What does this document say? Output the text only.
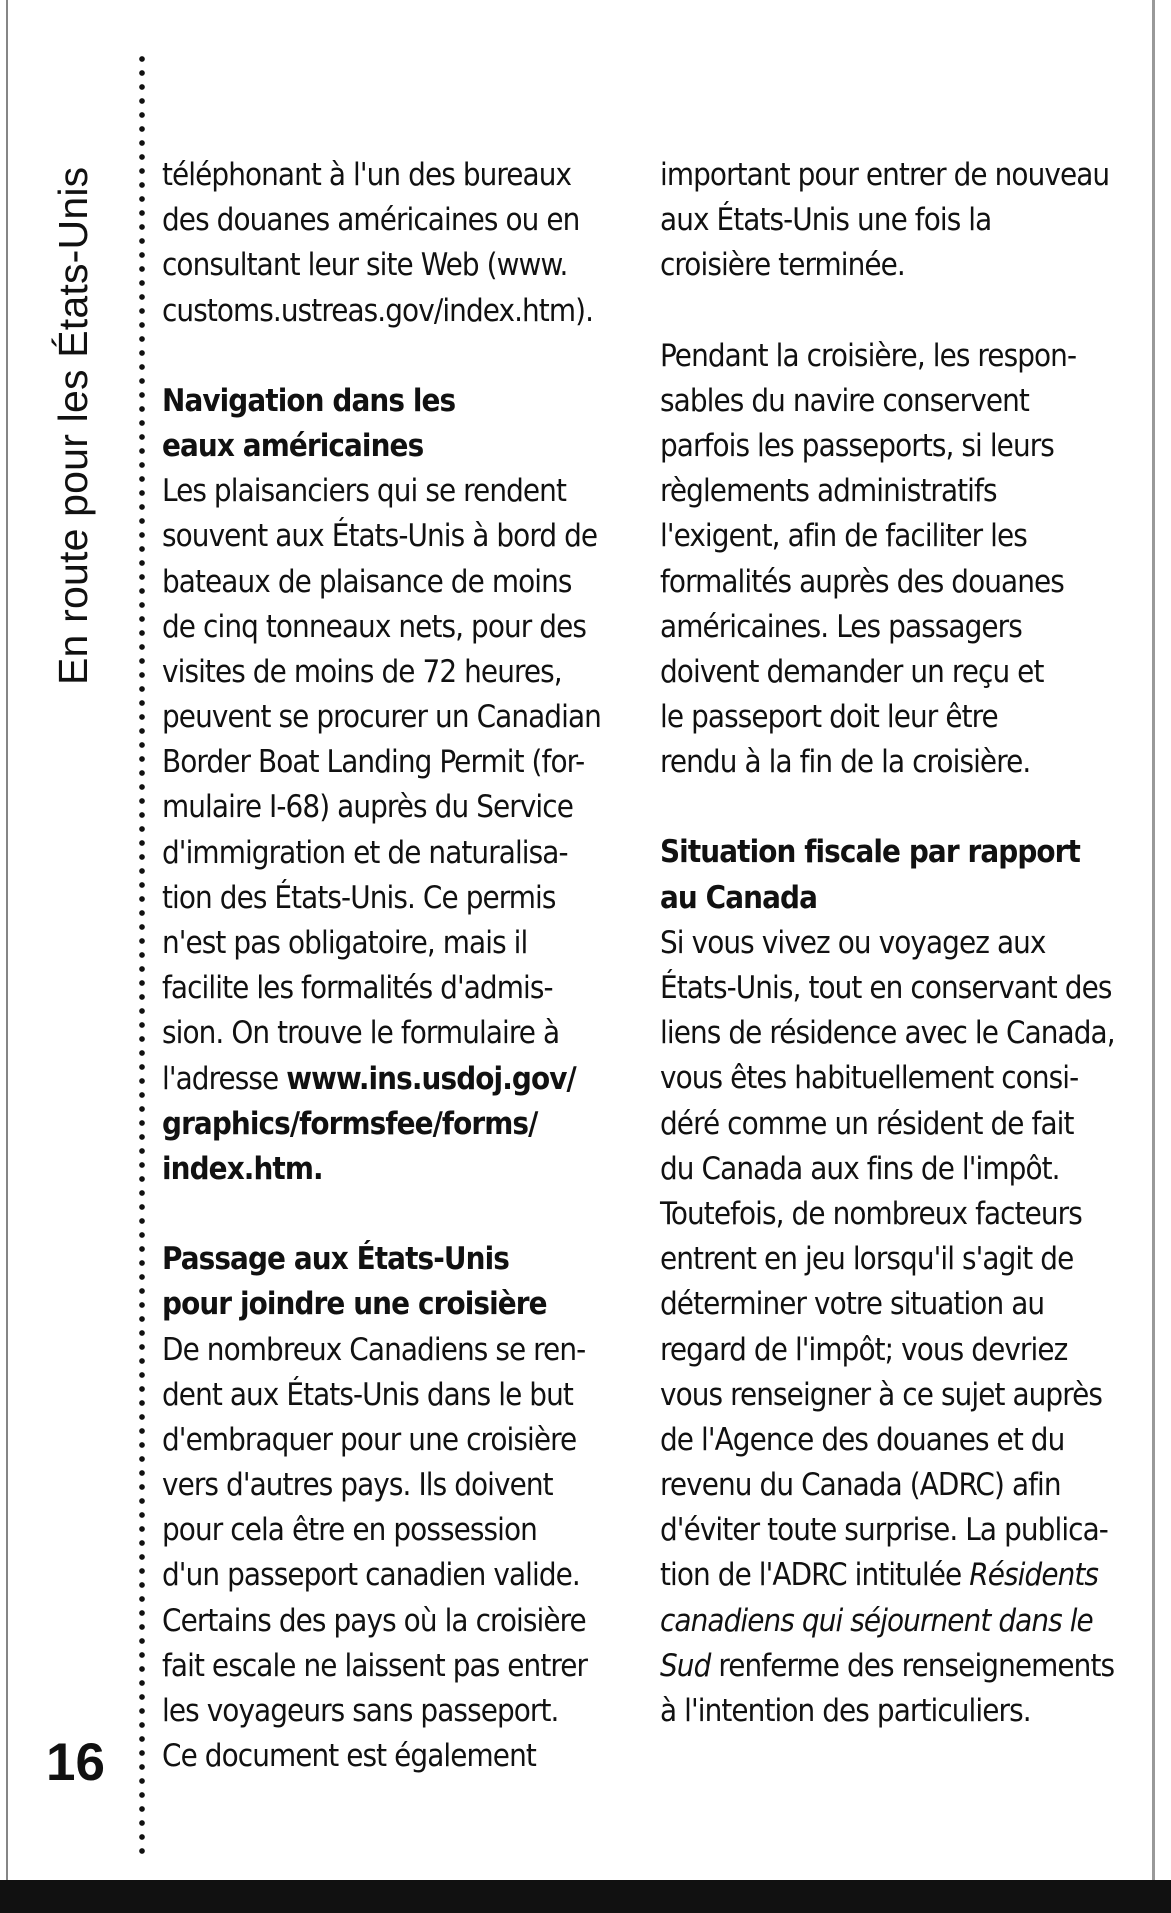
En route pour les États-Unis
16
téléphonant à l'un des bureaux
des douanes américaines ou en
consultant leur site Web (www.
customs.ustreas.gov/index.htm).
Navigation dans les
eaux américaines
Les plaisanciers qui se rendent
souvent aux États-Unis à bord de
bateaux de plaisance de moins
de cinq tonneaux nets, pour des
visites de moins de 72 heures,
peuvent se procurer un Canadian
Border Boat Landing Permit (for-
mulaire I-68) auprès du Service
d'immigration et de naturalisa-
tion des États-Unis. Ce permis
n'est pas obligatoire, mais il
facilite les formalités d'admis-
sion. On trouve le formulaire à
l'adresse www.ins.usdoj.gov/
graphics/formsfee/forms/
index.htm.
Passage aux États-Unis
pour joindre une croisière
De nombreux Canadiens se ren-
dent aux États-Unis dans le but
d'embraquer pour une croisière
vers d'autres pays. Ils doivent
pour cela être en possession
d'un passeport canadien valide.
Certains des pays où la croisière
fait escale ne laissent pas entrer
les voyageurs sans passeport.
Ce document est également
important pour entrer de nouveau
aux États-Unis une fois la
croisière terminée.
Pendant la croisière, les respon-
sables du navire conservent
parfois les passeports, si leurs
règlements administratifs
l'exigent, afin de faciliter les
formalités auprès des douanes
américaines. Les passagers
doivent demander un reçu et
le passeport doit leur être
rendu à la fin de la croisière.
Situation fiscale par rapport
au Canada
Si vous vivez ou voyagez aux
États-Unis, tout en conservant des
liens de résidence avec le Canada,
vous êtes habituellement consi-
déré comme un résident de fait
du Canada aux fins de l'impôt.
Toutefois, de nombreux facteurs
entrent en jeu lorsqu'il s'agit de
déterminer votre situation au
regard de l'impôt; vous devriez
vous renseigner à ce sujet auprès
de l'Agence des douanes et du
revenu du Canada (ADRC) afin
d'éviter toute surprise. La publica-
tion de l'ADRC intitulée Résidents
canadiens qui séjournent dans le
Sud renferme des renseignements
à l'intention des particuliers.
